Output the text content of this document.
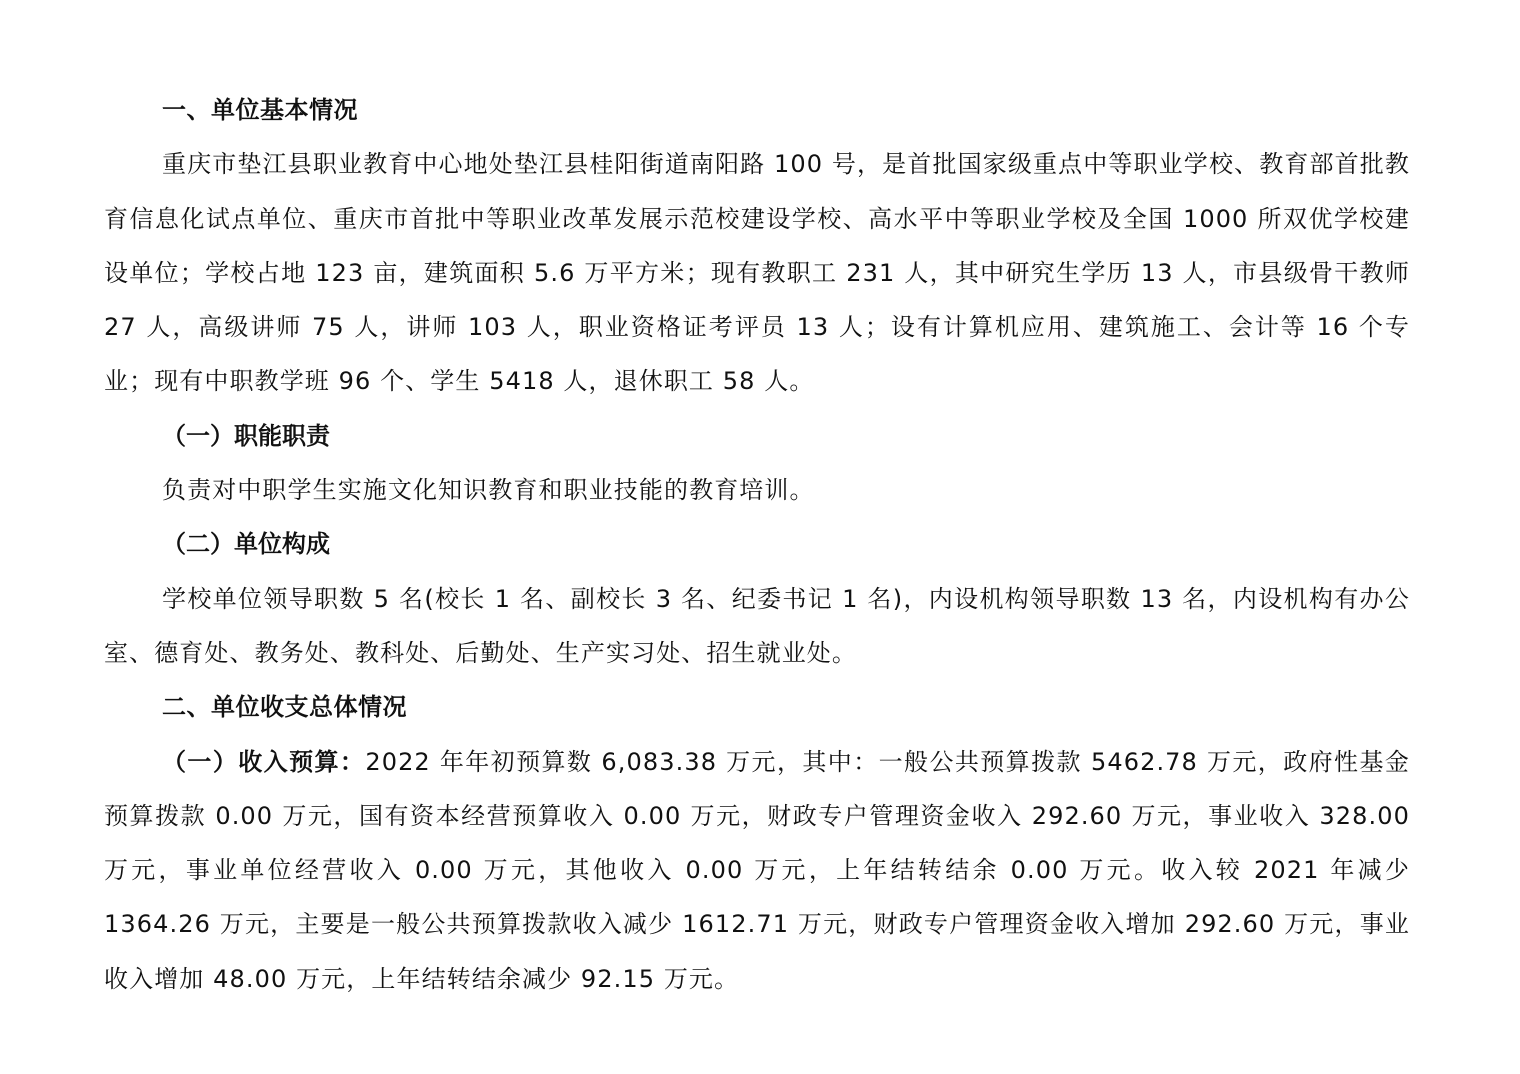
一、单位基本情况

重庆市垫江县职业教育中心地处垫江县桂阳街道南阳路 100 号，是首批国家级重点中等职业学校、教育部首批教育信息化试点单位、重庆市首批中等职业改革发展示范校建设学校、高水平中等职业学校及全国 1000 所双优学校建设单位；学校占地 123 亩，建筑面积 5.6 万平方米；现有教职工 231 人，其中研究生学历 13 人，市县级骨干教师 27 人，高级讲师 75 人，讲师 103 人，职业资格证考评员 13 人；设有计算机应用、建筑施工、会计等 16 个专业；现有中职教学班 96 个、学生 5418 人，退休职工 58 人。

（一）职能职责

负责对中职学生实施文化知识教育和职业技能的教育培训。

（二）单位构成

学校单位领导职数 5 名(校长 1 名、副校长 3 名、纪委书记 1 名)，内设机构领导职数 13 名，内设机构有办公室、德育处、教务处、教科处、后勤处、生产实习处、招生就业处。

二、单位收支总体情况

（一）收入预算：2022 年年初预算数 6,083.38 万元，其中：一般公共预算拨款 5462.78 万元，政府性基金预算拨款 0.00 万元，国有资本经营预算收入 0.00 万元，财政专户管理资金收入 292.60 万元，事业收入 328.00 万元，事业单位经营收入 0.00 万元，其他收入 0.00 万元，上年结转结余 0.00 万元。收入较 2021 年减少 1364.26 万元，主要是一般公共预算拨款收入减少 1612.71 万元，财政专户管理资金收入增加 292.60 万元，事业收入增加 48.00 万元，上年结转结余减少 92.15 万元。
